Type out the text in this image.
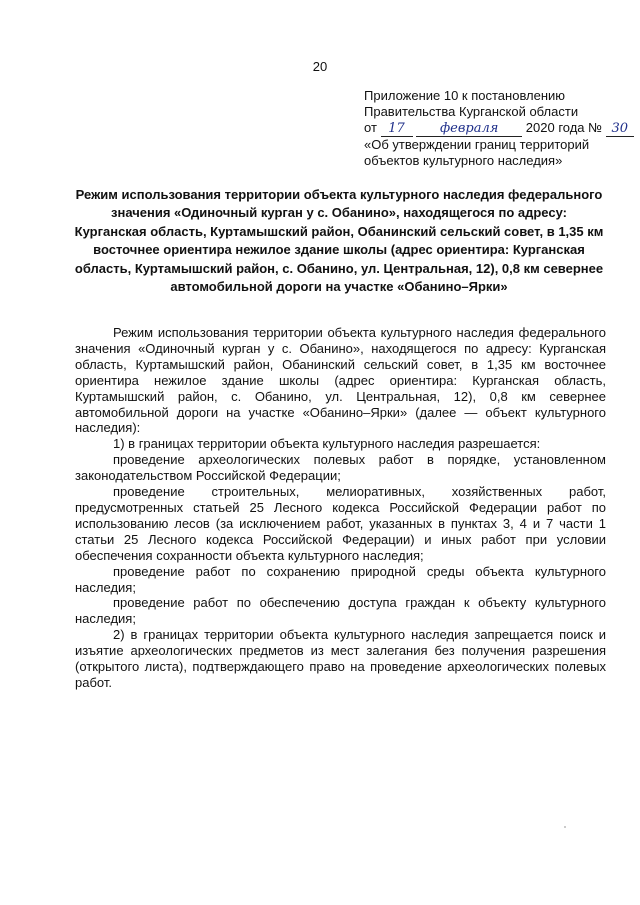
20
Приложение 10 к постановлению
Правительства Курганской области
от 17	февраля 2020 года № 30
«Об утверждении границ территорий
объектов культурного наследия»
Режим использования территории объекта культурного наследия федерального значения «Одиночный курган у с. Обанино», находящегося по адресу: Курганская область, Куртамышский район, Обанинский сельский совет, в 1,35 км восточнее ориентира нежилое здание школы (адрес ориентира: Курганская область, Куртамышский район, с. Обанино, ул. Центральная, 12), 0,8 км севернее автомобильной дороги на участке «Обанино–Ярки»

Режим использования территории объекта культурного наследия федерального значения «Одиночный курган у с. Обанино», находящегося по адресу: Курганская область, Куртамышский район, Обанинский сельский совет, в 1,35 км восточнее ориентира нежилое здание школы (адрес ориентира: Курганская область, Куртамышский район, с. Обанино, ул. Центральная, 12), 0,8 км севернее автомобильной дороги на участке «Обанино–Ярки» (далее — объект культурного наследия):

1) в границах территории объекта культурного наследия разрешается:

проведение археологических полевых работ в порядке, установленном законодательством Российской Федерации;

проведение строительных, мелиоративных, хозяйственных работ, предусмотренных статьей 25 Лесного кодекса Российской Федерации работ по использованию лесов (за исключением работ, указанных в пунктах 3, 4 и 7 части 1 статьи 25 Лесного кодекса Российской Федерации) и иных работ при условии обеспечения сохранности объекта культурного наследия;

проведение работ по сохранению природной среды объекта культурного наследия;

проведение работ по обеспечению доступа граждан к объекту культурного наследия;

2) в границах территории объекта культурного наследия запрещается поиск и изъятие археологических предметов из мест залегания без получения разрешения (открытого листа), подтверждающего право на проведение археологических полевых работ.
